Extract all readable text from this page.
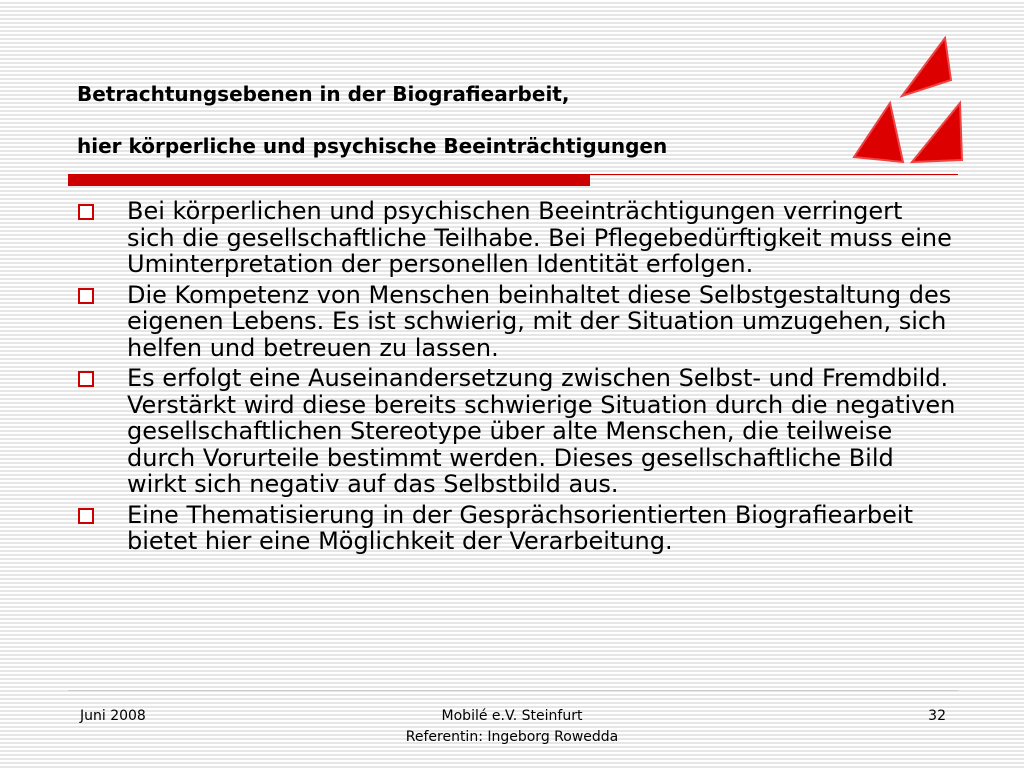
Betrachtungsebenen in der Biografiearbeit,
hier körperliche und psychische Beeinträchtigungen
Bei körperlichen und psychischen Beeinträchtigungen verringert sich die gesellschaftliche Teilhabe. Bei Pflegebedürftigkeit muss eine Uminterpretation der personellen Identität erfolgen.
Die Kompetenz von Menschen beinhaltet diese Selbstgestaltung des eigenen Lebens. Es ist schwierig, mit der Situation umzugehen, sich helfen und betreuen zu lassen.
Es erfolgt eine Auseinandersetzung zwischen Selbst- und Fremdbild. Verstärkt wird diese bereits schwierige Situation durch die negativen gesellschaftlichen Stereotype über alte Menschen, die teilweise durch Vorurteile bestimmt werden. Dieses gesellschaftliche Bild wirkt sich negativ auf das Selbstbild aus.
Eine Thematisierung in der Gesprächsorientierten Biografiearbeit bietet hier eine Möglichkeit der Verarbeitung.
Juni 2008	Mobilé e.V. Steinfurt
Referentin: Ingeborg Rowedda
32
